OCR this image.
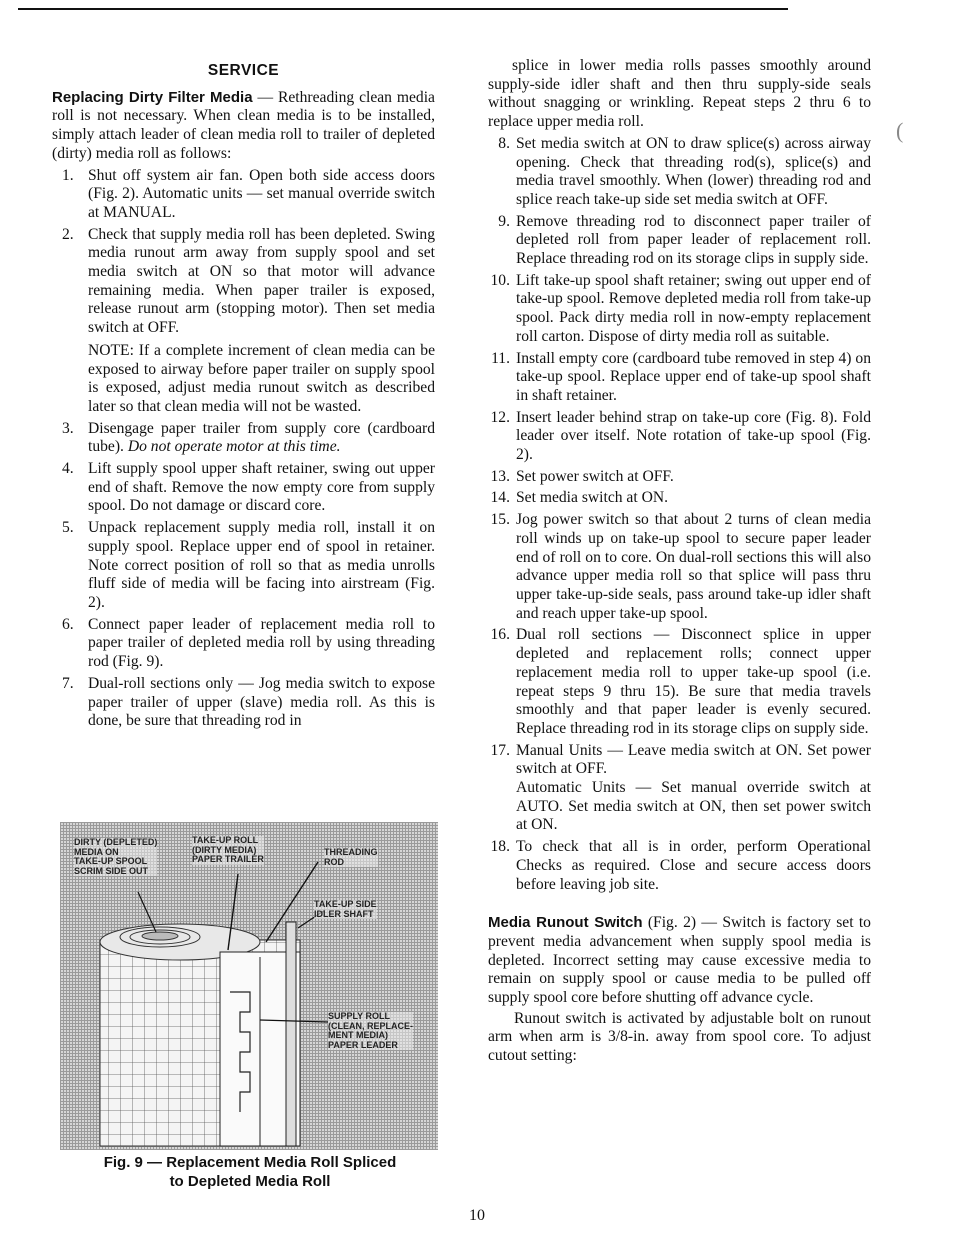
SERVICE

Replacing Dirty Filter Media — Rethreading clean media roll is not necessary. When clean media is to be installed, simply attach leader of clean media roll to trailer of depleted (dirty) media roll as follows:

1. Shut off system air fan. Open both side access doors (Fig. 2). Automatic units — set manual override switch at MANUAL.
2. Check that supply media roll has been depleted. Swing media runout arm away from supply spool and set media switch at ON so that motor will advance remaining media. When paper trailer is exposed, release runout arm (stopping motor). Then set media switch at OFF.

NOTE: If a complete increment of clean media can be exposed to airway before paper trailer on supply spool is exposed, adjust media runout switch as described later so that clean media will not be wasted.

3. Disengage paper trailer from supply core (cardboard tube). Do not operate motor at this time.
4. Lift supply spool upper shaft retainer, swing out upper end of shaft. Remove the now empty core from supply spool. Do not damage or discard core.
5. Unpack replacement supply media roll, install it on supply spool. Replace upper end of spool in retainer. Note correct position of roll so that as media unrolls fluff side of media will be facing into airstream (Fig. 2).
6. Connect paper leader of replacement media roll to paper trailer of depleted media roll by using threading rod (Fig. 9).
7. Dual-roll sections only — Jog media switch to expose paper trailer of upper (slave) media roll. As this is done, be sure that threading rod in
DIRTY (DEPLETED)
MEDIA ON
TAKE-UP SPOOL
SCRIM SIDE OUT
TAKE-UP ROLL
(DIRTY MEDIA)
PAPER TRAILER
THREADING
ROD
TAKE-UP SIDE
IDLER SHAFT
SUPPLY ROLL
(CLEAN, REPLACE-
MENT MEDIA)
PAPER LEADER
Fig. 9 — Replacement Media Roll Spliced
to Depleted Media Roll

splice in lower media rolls passes smoothly around supply-side idler shaft and then thru supply-side seals without snagging or wrinkling. Repeat steps 2 thru 6 to replace upper media roll.

8. Set media switch at ON to draw splice(s) across airway opening. Check that threading rod(s), splice(s) and media travel smoothly. When (lower) threading rod and splice reach take-up side set media switch at OFF.
9. Remove threading rod to disconnect paper trailer of depleted roll from paper leader of replacement roll. Replace threading rod on its storage clips in supply side.
10. Lift take-up spool shaft retainer; swing out upper end of take-up spool. Remove depleted media roll from take-up spool. Pack dirty media roll in now-empty replacement roll carton. Dispose of dirty media roll as suitable.
11. Install empty core (cardboard tube removed in step 4) on take-up spool. Replace upper end of take-up spool shaft in shaft retainer.
12. Insert leader behind strap on take-up core (Fig. 8). Fold leader over itself. Note rotation of take-up spool (Fig. 2).
13. Set power switch at OFF.
14. Set media switch at ON.
15. Jog power switch so that about 2 turns of clean media roll winds up on take-up spool to secure paper leader end of roll on to core. On dual-roll sections this will also advance upper media roll so that splice will pass thru upper take-up-side seals, pass around take-up idler shaft and reach upper take-up spool.
16. Dual roll sections — Disconnect splice in upper depleted and replacement rolls; connect upper replacement media roll to upper take-up spool (i.e. repeat steps 9 thru 15). Be sure that media travels smoothly and that paper leader is evenly secured. Replace threading rod in its storage clips on supply side.
17. Manual Units — Leave media switch at ON. Set power switch at OFF.

Automatic Units — Set manual override switch at AUTO. Set media switch at ON, then set power switch at ON.

18. To check that all is in order, perform Operational Checks as required. Close and secure access doors before leaving job site.

Media Runout Switch (Fig. 2) — Switch is factory set to prevent media advancement when supply spool media is depleted. Incorrect setting may cause excessive media to remain on supply spool or cause media to be pulled off supply spool core before shutting off advance cycle.

Runout switch is activated by adjustable bolt on runout arm when arm is 3/8-in. away from spool core. To adjust cutout setting:

(
10
